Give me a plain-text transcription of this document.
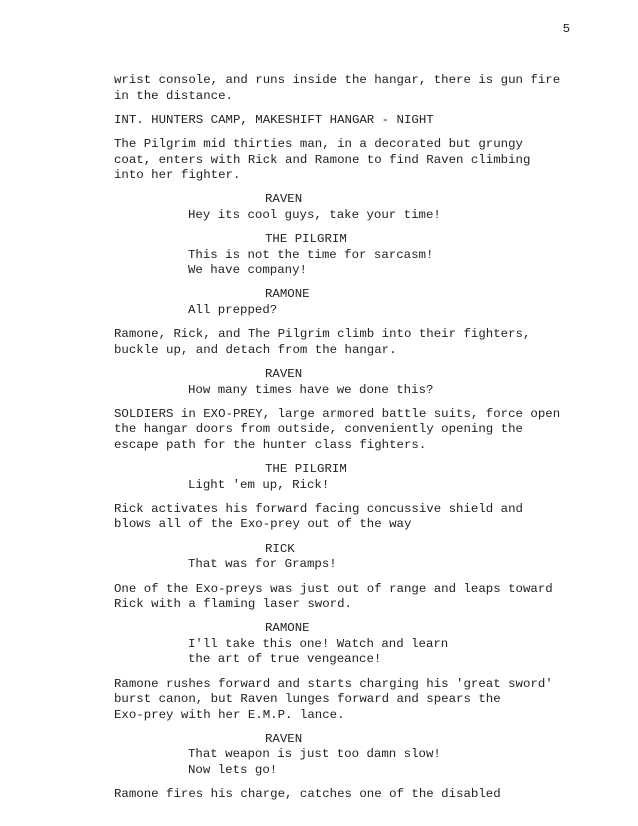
5
wrist console, and runs inside the hangar, there is gun fire
in the distance.
INT. HUNTERS CAMP, MAKESHIFT HANGAR - NIGHT
The Pilgrim mid thirties man, in a decorated but grungy
coat, enters with Rick and Ramone to find Raven climbing
into her fighter.
RAVEN
Hey its cool guys, take your time!
THE PILGRIM
This is not the time for sarcasm!
We have company!
RAMONE
All prepped?
Ramone, Rick, and The Pilgrim climb into their fighters,
buckle up, and detach from the hangar.
RAVEN
How many times have we done this?
SOLDIERS in EXO-PREY, large armored battle suits, force open
the hangar doors from outside, conveniently opening the
escape path for the hunter class fighters.
THE PILGRIM
Light 'em up, Rick!
Rick activates his forward facing concussive shield and
blows all of the Exo-prey out of the way
RICK
That was for Gramps!
One of the Exo-preys was just out of range and leaps toward
Rick with a flaming laser sword.
RAMONE
I'll take this one! Watch and learn
the art of true vengeance!
Ramone rushes forward and starts charging his 'great sword'
burst canon, but Raven lunges forward and spears the
Exo-prey with her E.M.P. lance.
RAVEN
That weapon is just too damn slow!
Now lets go!
Ramone fires his charge, catches one of the disabled
